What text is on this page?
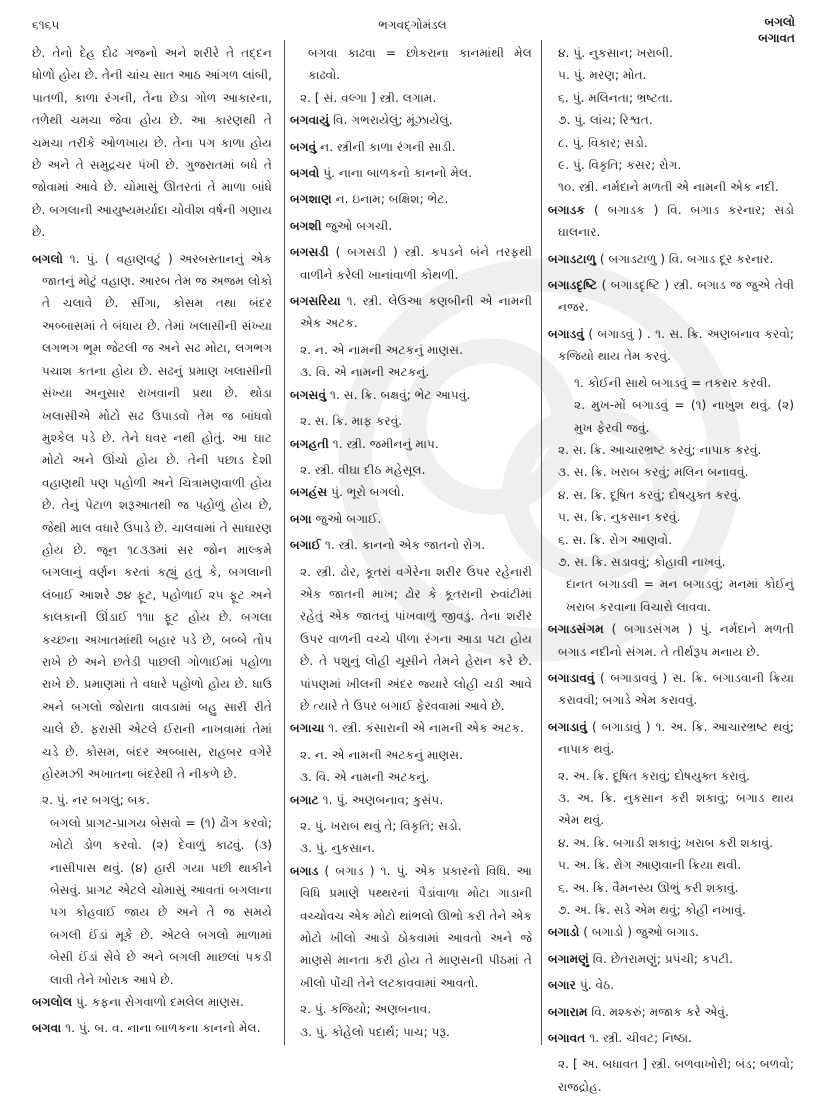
૬૧૬૫	ભગવદ્ગોમંડલ	બગલો
બગાવત

છે. તેનો દેહ દોઢ ગજનો અને શરીરે તે તદ્દન ધોળો હોય છે. તેની ચાંચ સાત આઠ આંગળ લાંબી, પાતળી, કાળા રંગની, તેના છેડા ગોળ આકારના, તળેથી ચમચા જેવા હોય છે. આ કારણથી તે ચમચા તરીકે ઓળખાય છે. તેના પગ કાળા હોય છે અને તે સમુદ્રચર પંખી છે. ગુજરાતમાં બધે તે જોવામાં આવે છે. ચોમાસું ઊતરતાં તે માળા બાંધે છે. બગલાની આયુષ્યમર્યાદા ચોવીશ વર્ષની ગણાય છે.

બગલો ૧. પું. ( વહાણવટું ) અરબસ્તાનનું એક જાતનું મોટું વહાણ. આરબ તેમ જ અજમ લોકો તે ચલાવે છે. સીંગા, કોસમ તથા બંદર અબ્બાસમાં તે બંધાય છે. તેમાં ખલાસીની સંખ્યા લગભગ ભૂમ જેટલી જ અને સઢ મોટા, લગભગ પચાશ કતના હોય છે. સઢનું પ્રમાણ ખલાસીની સંખ્યા અનુસાર રાખવાની પ્રથા છે. થોડા ખલાસીએ મોટો સઢ ઉપાડવો તેમ જ બાંધવો મુશ્કેલ પડે છે. તેને ધવર નથી હોતું. આ ઘાટ મોટો અને ઊંચો હોય છે. તેની પછાડ દેશી વહાણથી પણ પહોળી અને ચિત્રામણવાળી હોય છે. તેનું પેટાળ શરૂઆતથી જ પહોળું હોય છે, જેથી માલ વધારે ઉપાડે છે. ચાલવામાં તે સાધારણ હોય છે. જૂન ૧૮૩૩માં સર જોન માલ્કમે બગલાનું વર્ણન કરતાં કહ્યું હતું કે, બગલાની લંબાઈ આશરે ૭૪ ફૂટ, પહોળાઈ ૨૫ ફૂટ અને કાલકાની ઊંડાઈ ૧૧ાા ફૂટ હોય છે. બગલા કચ્છના અખાતમાંથી બહાર પડે છે, બબ્બે તોપ રાખે છે અને છતેડી પાછલી ગોળાઈમાં પહોળા રાખે છે. પ્રમાણમાં તે વધારે પહોળો હોય છે. ધાઉ અને બગલો જોરાતા વાવડામાં બહુ સારી રીતે ચાલે છે. ફરાસી એટલે ઈરાની નાખવામાં તેમાં ચડે છે. કોસમ, બંદર અબ્બાસ, રાહબર વગેરે હોરમઝી અખાતના બંદરેથી તે નીકળે છે.

૨. પું. નર બગલું; બક.

બગલો પ્રાગટ-પ્રાગય બેસવો = (૧) ઢોંગ કરવો; ખોટો ડોળ કરવો. (૨) દેવાળું કાઢવું. (૩) નાસીપાસ થવું. (૪) હારી ગયા પછી થાકીને બેસવું. પ્રાગટ એટલે ચોમાસું આવતાં બગલાના પગ કોહવાઈ જાય છે અને તે જ સમયે બગલી ઈંડાં મૂકે છે. એટલે બગલો માળામાં બેસી ઈંડાં સેવે છે અને બગલી માછલાં પકડી લાવી તેને ખોરાક આપે છે.

બગલોલ પું. કફના રોગવાળો દમલેલ માણસ.

બગવા ૧. પું. બ. વ. નાના બાળકના કાનનો મેલ.

બગવા કાઢવા = છોકરાના કાનમાંથી મેલ કાઢવો.

૨. [ સં. વલ્ગા ] સ્ત્રી. લગામ.

બગવાયું વિ. ગભરાયેલું; મૂંઝાયેલું.

બગવું ન. સ્ત્રીની કાળા રંગની સાડી.

બગવો પું. નાના બાળકનો કાનનો મેલ.

બગશાણ ન. ઇનામ; બક્ષિશ; ભેટ.

બગશી જુઓ બગચી.

બગસડી ( બગસડી ) સ્ત્રી. કપડને બંને તરફથી વાળીને કરેલી ખાનાંવાળી કોથળી.

બગસરિયા ૧. સ્ત્રી. લેઉઆ કણબીની એ નામની એક અટક.

૨. ન. એ નામની અટકનું માણસ.

૩. વિ. એ નામની અટકનું.

બગસવું ૧. સ. ક્રિ. બક્ષવું; ભેટ આપવું.

૨. સ. ક્રિ. માફ કરવું.

બગહતી ૧. સ્ત્રી. જમીનનું માપ.

૨. સ્ત્રી. વીઘા દીઠ મહેસૂલ.

બગહંસ પું. ભૂરો બગલો.

બગા જુઓ બગાઈ.

બગાઈ ૧. સ્ત્રી. કાનનો એક જાતનો રોગ.

૨. સ્ત્રી. ઢોર, કૂતરાં વગેરેના શરીર ઉપર રહેનારી એક જાતની માખ; ઢોર કે કૂતરાની રુવાંટીમાં રહેતું એક જાતનું પાંખવાળું જીવડું. તેના શરીર ઉપર વાળની વચ્ચે પીળા રંગના આડા પટા હોય છે. તે પશુનું લોહી ચૂસીને તેમને હેરાન કરે છે. પાંપણમાં ખીલની અંદર જ્યારે લોહી ચડી આવે છે ત્યારે તે ઉપર બગાઈ ફેરવવામાં આવે છે.

બગાચા ૧. સ્ત્રી. કંસારાની એ નામની એક અટક.

૨. ન. એ નામની અટકનું માણસ.

૩. વિ. એ નામની અટકનું.

બગાટ ૧. પું. અણબનાવ; કુસંપ.

૨. પું. ખરાબ થવું તે; વિકૃતિ; સડો.

૩. પું. નુકસાન.

બગાડ ( બગાડ ) ૧. પું. એક પ્રકારનો વિધિ. આ વિધિ પ્રમાણે પથ્થરનાં પૈડાંવાળા મોટા ગાડાની વચ્ચોવચ એક મોટો થાંભલો ઊભો કરી તેને એક મોટો ખીલો આડો ઠોકવામાં આવતો અને જે માણસે માનતા કરી હોય તે માણસની પીઠમાં તે ખીલો પોંચી તેને લટકાવવામાં આવતો.

૨. પું. કજિયો; અણબનાવ.

૩. પું. કોહેલો પદાર્થ; પાચ; પરૂ.

૪. પું. નુકસાન; ખરાબી.

૫. પું. મરણ; મોત.

૬. પું. મલિનતા; ભ્રષ્ટતા.

૭. પું. લાંચ; રિશ્વત.

૮. પું. વિકાર; સડો.

૯. પું. વિકૃતિ; કસર; રોગ.

૧૦. સ્ત્રી. નર્મદાને મળતી એ નામની એક નદી.

બગાડક ( બગાડક ) વિ. બગાડ કરનાર; સડો ઘાલનાર.

બગાડટાળુ ( બગાડટાળુ ) વિ. બગાડ દૂર કરનાર.

બગાડદૃષ્ટિ ( બગાડદૃષ્ટિ ) સ્ત્રી. બગાડ જ જુએ તેવી નજર.

બગાડવું ( બગાડવું ) . ૧. સ. ક્રિ. અણબનાવ કરવો; કજિયો થાય તેમ કરવું.

૧. કોઈની સાથે બગાડવું = તકરાર કરવી.

૨. મુખ-મોં બગાડવું = (૧) નાખુશ થવું. (૨) મુખ ફેરવી જવું.

૨. સ. ક્રિ. આચારભ્રષ્ટ કરવું; નાપાક કરવું.

૩. સ. ક્રિ. ખરાબ કરવું; મલિન બનાવવું.

૪. સ. ક્રિ. દૂષિત કરવું; દોષયુક્ત કરવું.

૫. સ. ક્રિ. નુકસાન કરવું.

૬. સ. ક્રિ. રોગ આણવો.

૭. સ. ક્રિ. સડાવવું; કોહાવી નાખવું.

દાનત બગાડવી = મન બગાડવું; મનમાં કોઈનું ખરાબ કરવાના વિચારો લાવવા.

બગાડસંગમ ( બગાડસંગમ ) પું. નર્મદાને મળતી બગાડ નદીનો સંગમ. તે તીર્થરૂપ મનાય છે.

બગાડાવવું ( બગાડાવવું ) સ. ક્રિ. બગાડવાની ક્રિયા કરાવવી; બગાડે એમ કરાવવું.

બગાડાવું ( બગાડાવું ) ૧. અ. ક્રિ. આચારભ્રષ્ટ થવું; નાપાક થવું.

૨. અ. ક્રિ. દૂષિત કરાવું; દોષયુક્ત કરાવું.

૩. અ. ક્રિ. નુકસાન કરી શકાવું; બગાડ થાય એમ થવું.

૪. અ. ક્રિ. બગાડી શકાવું; ખરાબ કરી શકાવું.

૫. અ. ક્રિ. રોગ આણવાની ક્રિયા થવી.

૬. અ. ક્રિ. વૈમનસ્ય ઊભું કરી શકાવું.

૭. અ. ક્રિ. સડે એમ થવું; કોહી નખાવું.

બગાડો ( બગાડો ) જુઓ બગાડ.

બગામણું વિ. છેતરામણું; પ્રપંચી; કપટી.

બગાર પું. વેઠ.

બગારામ વિ. મશ્કરું; મજાક કરે એવું.

બગાવત ૧. સ્ત્રી. ચીવટ; નિષ્ઠા.

૨. [ અ. બધાવત ] સ્ત્રી. બળવાખોરી; બંડ; બળવો; રાજદ્રોહ.
